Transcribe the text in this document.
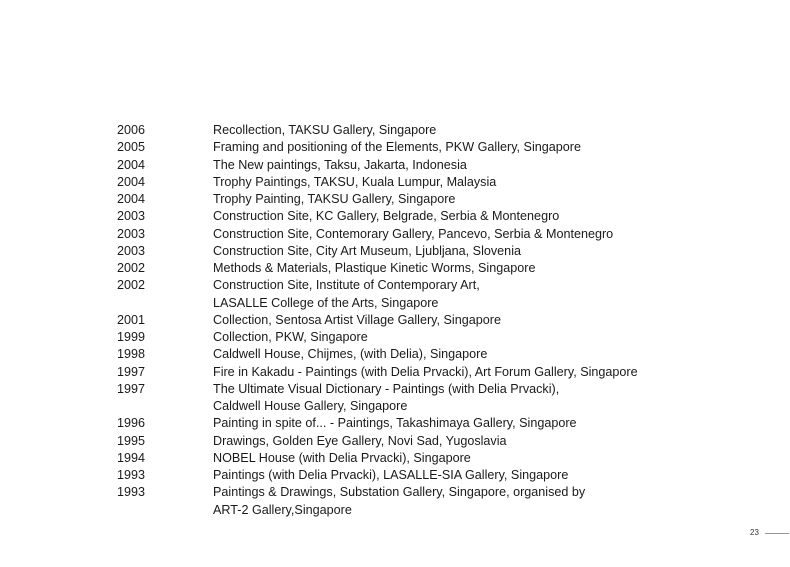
2006	Recollection, TAKSU Gallery, Singapore
2005	Framing and positioning of the Elements, PKW Gallery, Singapore
2004	The New paintings, Taksu, Jakarta, Indonesia
2004	Trophy Paintings, TAKSU, Kuala Lumpur, Malaysia
2004	Trophy Painting, TAKSU Gallery, Singapore
2003	Construction Site, KC Gallery, Belgrade, Serbia & Montenegro
2003	Construction Site, Contemorary Gallery, Pancevo, Serbia & Montenegro
2003	Construction Site, City Art Museum, Ljubljana, Slovenia
2002	Methods & Materials, Plastique Kinetic Worms, Singapore
2002	Construction Site, Institute of Contemporary Art,
LASALLE College of the Arts, Singapore
2001	Collection, Sentosa Artist Village Gallery, Singapore
1999	Collection, PKW, Singapore
1998	Caldwell House, Chijmes, (with Delia), Singapore
1997	Fire in Kakadu - Paintings (with Delia Prvacki), Art Forum Gallery, Singapore
1997	The Ultimate Visual Dictionary - Paintings (with Delia Prvacki),
Caldwell House Gallery, Singapore
1996	Painting in spite of... - Paintings, Takashimaya Gallery, Singapore
1995	Drawings, Golden Eye Gallery, Novi Sad, Yugoslavia
1994	NOBEL House (with Delia Prvacki), Singapore
1993	Paintings (with Delia Prvacki), LASALLE-SIA Gallery, Singapore
1993	Paintings & Drawings, Substation Gallery, Singapore, organised by
ART-2 Gallery,Singapore
23
